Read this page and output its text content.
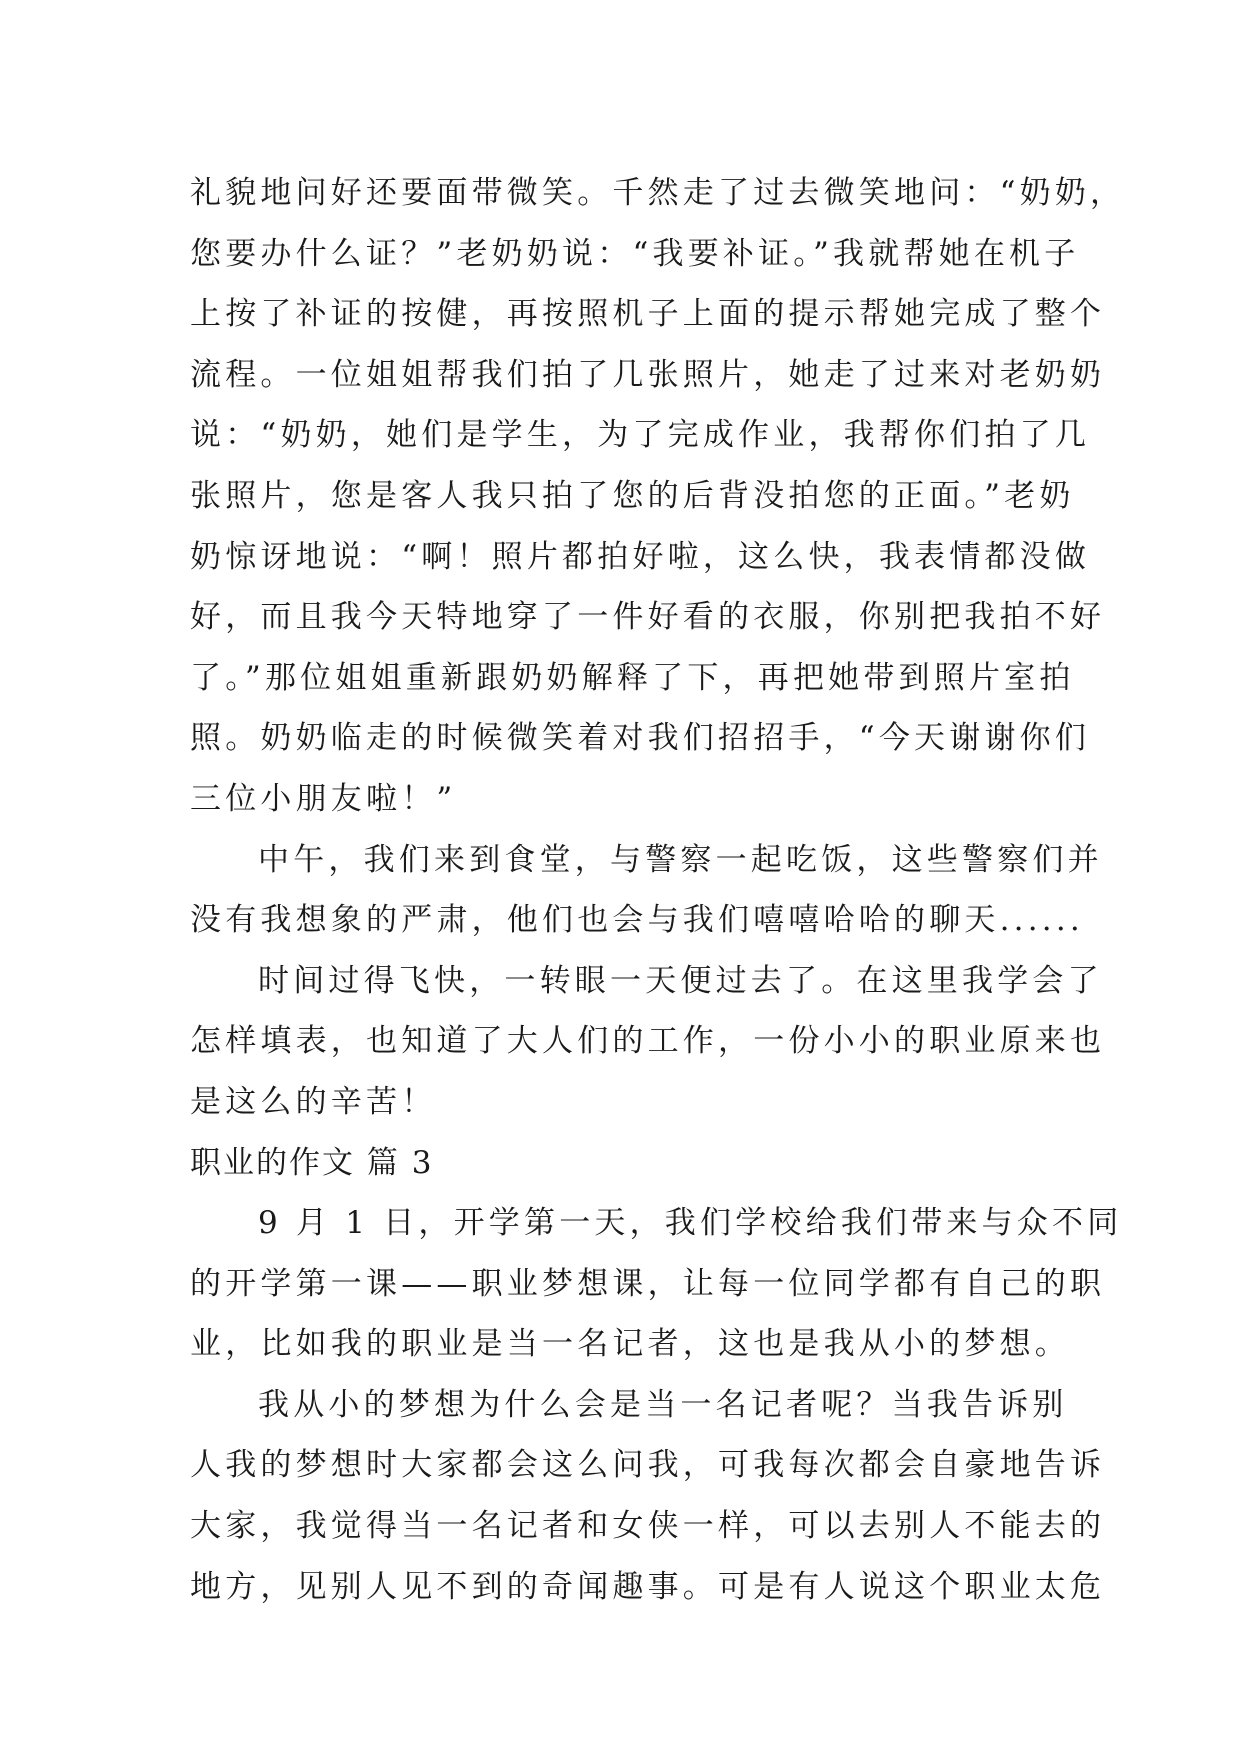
礼貌地问好还要面带微笑。千然走了过去微笑地问：“奶奶，
您要办什么证？”老奶奶说：“我要补证。”我就帮她在机子
上按了补证的按健，再按照机子上面的提示帮她完成了整个
流程。一位姐姐帮我们拍了几张照片，她走了过来对老奶奶
说：“奶奶，她们是学生，为了完成作业，我帮你们拍了几
张照片，您是客人我只拍了您的后背没拍您的正面。”老奶
奶惊讶地说：“啊！照片都拍好啦，这么快，我表情都没做
好，而且我今天特地穿了一件好看的衣服，你别把我拍不好
了。”那位姐姐重新跟奶奶解释了下，再把她带到照片室拍
照。奶奶临走的时候微笑着对我们招招手，“今天谢谢你们
三位小朋友啦！”
中午，我们来到食堂，与警察一起吃饭，这些警察们并
没有我想象的严肃，他们也会与我们嘻嘻哈哈的聊天......
时间过得飞快，一转眼一天便过去了。在这里我学会了
怎样填表，也知道了大人们的工作，一份小小的职业原来也
是这么的辛苦！
职业的作文 篇 3
9 月 1 日，开学第一天，我们学校给我们带来与众不同
的开学第一课——职业梦想课，让每一位同学都有自己的职
业，比如我的职业是当一名记者，这也是我从小的梦想。
我从小的梦想为什么会是当一名记者呢？当我告诉别
人我的梦想时大家都会这么问我，可我每次都会自豪地告诉
大家，我觉得当一名记者和女侠一样，可以去别人不能去的
地方，见别人见不到的奇闻趣事。可是有人说这个职业太危
